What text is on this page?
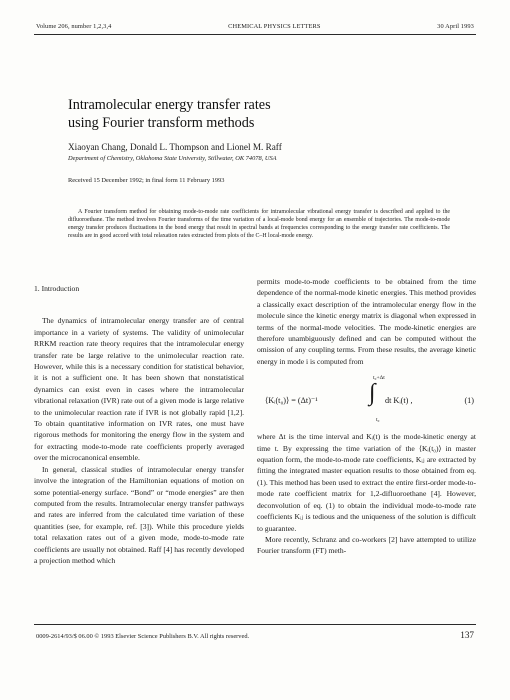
Volume 206, number 1,2,3,4	CHEMICAL PHYSICS LETTERS	30 April 1993
Intramolecular energy transfer rates
using Fourier transform methods
Xiaoyan Chang, Donald L. Thompson and Lionel M. Raff
Department of Chemistry, Oklahoma State University, Stillwater, OK 74078, USA
Received 15 December 1992; in final form 11 February 1993
A Fourier transform method for obtaining mode-to-mode rate coefficients for intramolecular vibrational energy transfer is described and applied to the difluoroethane. The method involves Fourier transforms of the time variation of a local-mode bond energy for an ensemble of trajectories. The mode-to-mode energy transfer produces fluctuations in the bond energy that result in spectral bands at frequencies corresponding to the energy transfer rate coefficients. The results are in good accord with total relaxation rates extracted from plots of the C–H local-mode energy.

1. Introduction

The dynamics of intramolecular energy transfer are of central importance in a variety of systems. The validity of unimolecular RRKM reaction rate theory requires that the intramolecular energy transfer rate be large relative to the unimolecular reaction rate. However, while this is a necessary condition for statistical behavior, it is not a sufficient one. It has been shown that nonstatistical dynamics can exist even in cases where the intramolecular vibrational relaxation (IVR) rate out of a given mode is large relative to the unimolecular reaction rate if IVR is not globally rapid [1,2]. To obtain quantitative information on IVR rates, one must have rigorous methods for monitoring the energy flow in the system and for extracting mode-to-mode rate coefficients properly averaged over the microcanonical ensemble.

In general, classical studies of intramolecular energy transfer involve the integration of the Hamiltonian equations of motion on some potential-energy surface. “Bond” or “mode energies” are then computed from the results. Intramolecular energy transfer pathways and rates are inferred from the calculated time variation of these quantities (see, for example, ref. [3]). While this procedure yields total relaxation rates out of a given mode, mode-to-mode rate coefficients are usually not obtained. Raff [4] has recently developed a projection method which

permits mode-to-mode coefficients to be obtained from the time dependence of the normal-mode kinetic energies. This method provides a classically exact description of the intramolecular energy flow in the molecule since the kinetic energy matrix is diagonal when expressed in terms of the normal-mode velocities. The mode-kinetic energies are therefore unambiguously defined and can be computed without the omission of any coupling terms. From these results, the average kinetic energy in mode i is computed from

⟨Kᵢ(t₀)⟩ = (Δt)⁻¹
t₀+Δt
∫
t₀
dt Kᵢ(t) ,	(1)

where Δt is the time interval and Kᵢ(t) is the mode-kinetic energy at time t. By expressing the time variation of the ⟨Kᵢ(t₀)⟩ in master equation form, the mode-to-mode rate coefficients, Kᵢⱼ are extracted by fitting the integrated master equation results to those obtained from eq. (1). This method has been used to extract the entire first-order mode-to-mode rate coefficient matrix for 1,2-difluoroethane [4]. However, deconvolution of eq. (1) to obtain the individual mode-to-mode rate coefficients Kᵢⱼ is tedious and the uniqueness of the solution is difficult to guarantee.

More recently, Schranz and co-workers [2] have attempted to utilize Fourier transform (FT) meth-

0009-2614/93/$ 06.00 © 1993 Elsevier Science Publishers B.V. All rights reserved.	137
